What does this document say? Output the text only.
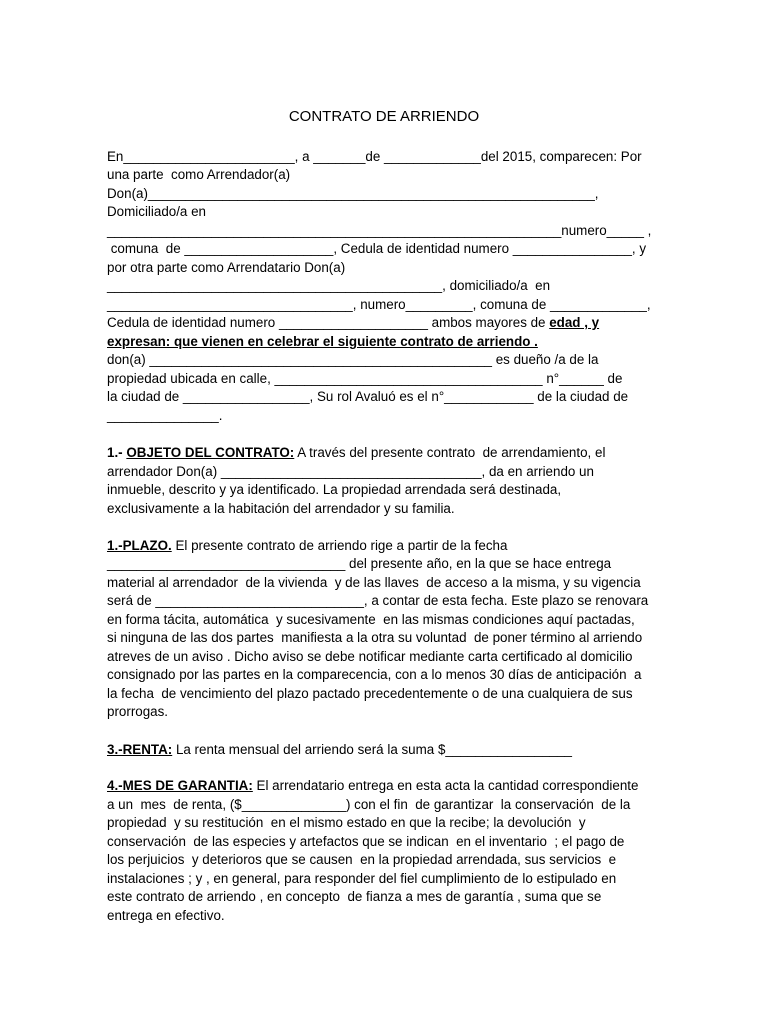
CONTRATO DE ARRIENDO
En_______________________, a _______de _____________del 2015, comparecen: Por
una parte  como Arrendador(a)
Don(a)____________________________________________________________,
Domiciliado/a en
_____________________________________________________________numero_____ ,
comuna  de ____________________, Cedula de identidad numero ________________, y
por otra parte como Arrendatario Don(a)
_____________________________________________, domiciliado/a  en
_________________________________, numero_________, comuna de _____________,
Cedula de identidad numero ____________________ ambos mayores de edad , y
expresan: que vienen en celebrar el siguiente contrato de arriendo .
don(a) ______________________________________________ es dueño /a de la
propiedad ubicada en calle, ____________________________________ n°______ de
la ciudad de _________________, Su rol Avaluó es el n°____________ de la ciudad de
_______________.
1.- OBJETO DEL CONTRATO: A través del presente contrato  de arrendamiento, el
arrendador Don(a) ___________________________________, da en arriendo un
inmueble, descrito y ya identificado. La propiedad arrendada será destinada,
exclusivamente a la habitación del arrendador y su familia.
1.-PLAZO. El presente contrato de arriendo rige a partir de la fecha
________________________________ del presente año, en la que se hace entrega
material al arrendador  de la vivienda  y de las llaves  de acceso a la misma, y su vigencia
será de ____________________________, a contar de esta fecha. Este plazo se renovara
en forma tácita, automática  y sucesivamente  en las mismas condiciones aquí pactadas,
si ninguna de las dos partes  manifiesta a la otra su voluntad  de poner término al arriendo
atreves de un aviso . Dicho aviso se debe notificar mediante carta certificado al domicilio
consignado por las partes en la comparecencia, con a lo menos 30 días de anticipación  a
la fecha  de vencimiento del plazo pactado precedentemente o de una cualquiera de sus
prorrogas.
3.-RENTA: La renta mensual del arriendo será la suma $_________________
4.-MES DE GARANTIA: El arrendatario entrega en esta acta la cantidad correspondiente
a un  mes  de renta, ($______________) con el fin  de garantizar  la conservación  de la
propiedad  y su restitución  en el mismo estado en que la recibe; la devolución  y
conservación  de las especies y artefactos que se indican  en el inventario  ; el pago de
los perjuicios  y deterioros que se causen  en la propiedad arrendada, sus servicios  e
instalaciones ; y , en general, para responder del fiel cumplimiento de lo estipulado en
este contrato de arriendo , en concepto  de fianza a mes de garantía , suma que se
entrega en efectivo.
